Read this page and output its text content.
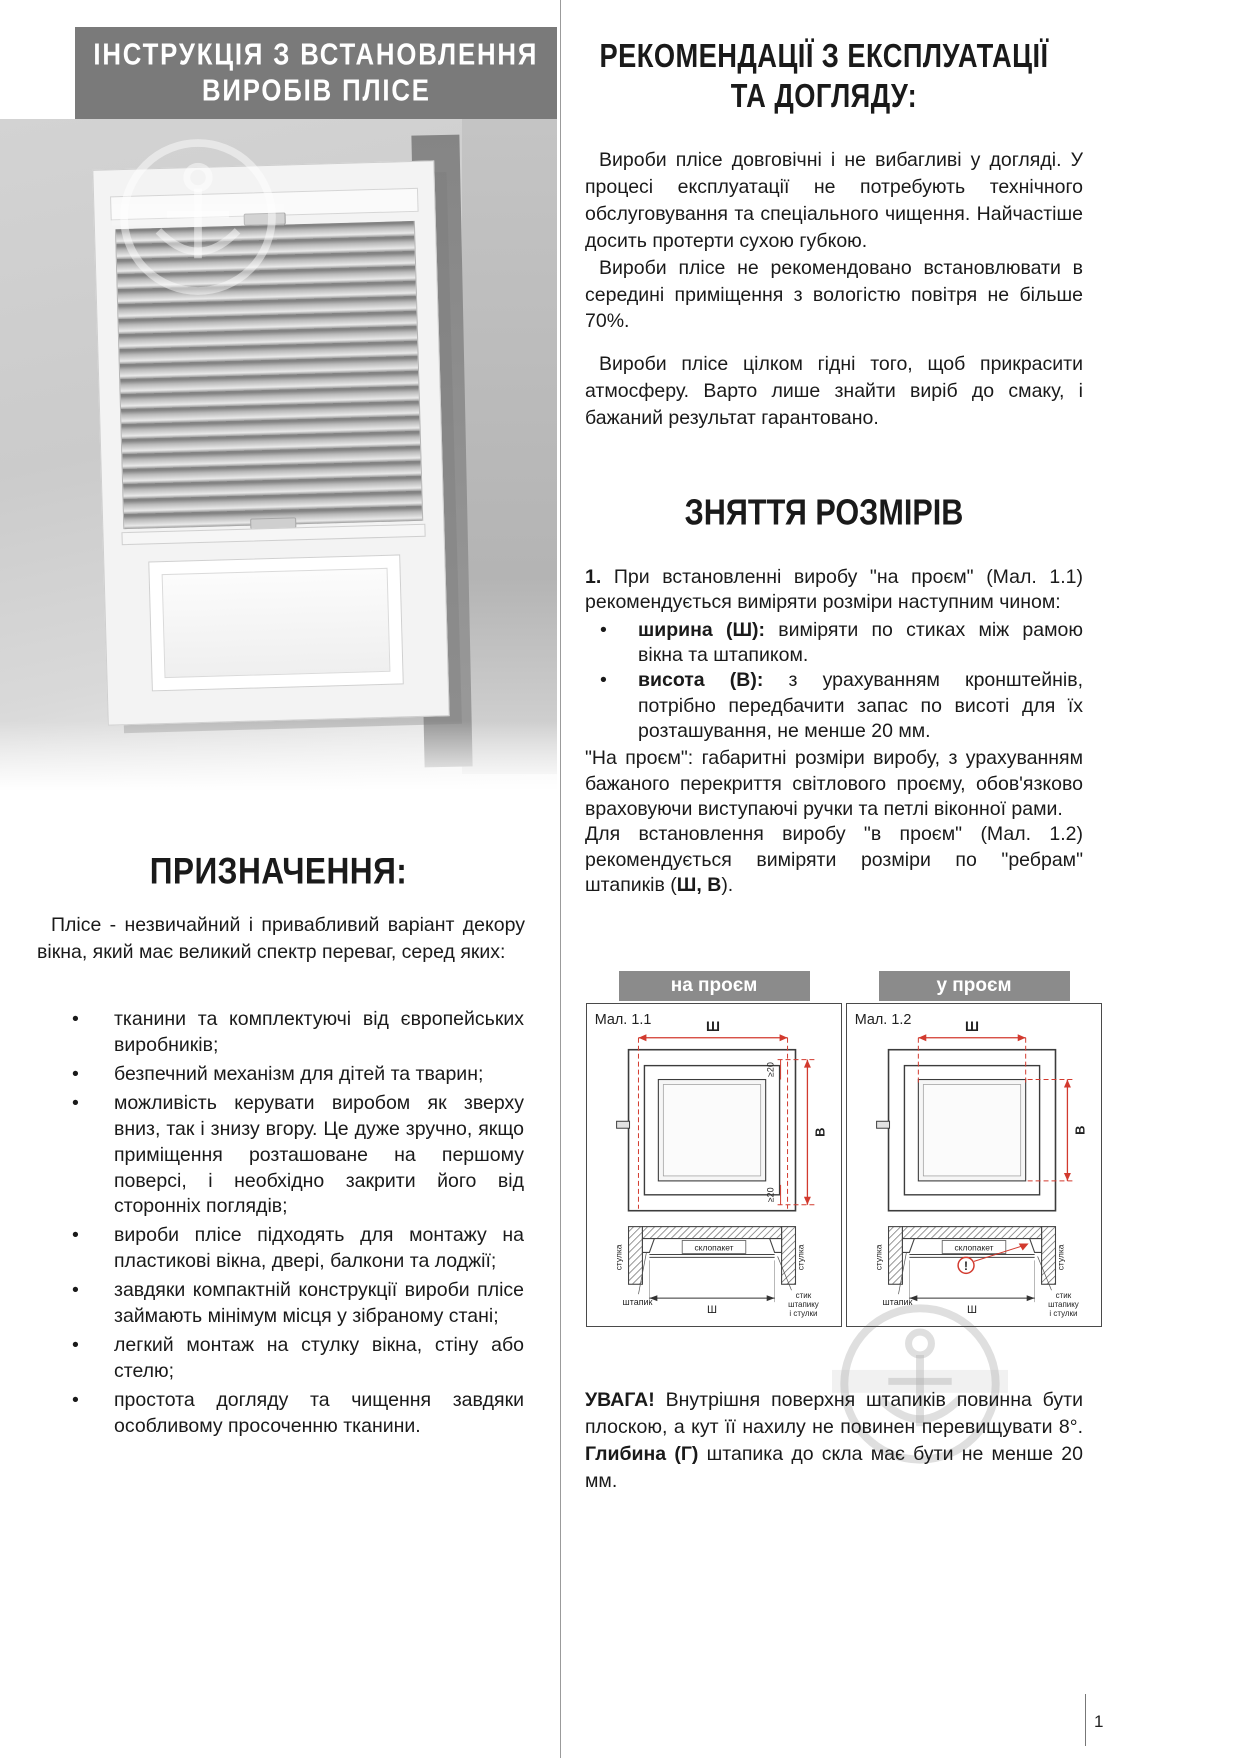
ІНСТРУКЦІЯ З ВСТАНОВЛЕННЯ
ВИРОБІВ ПЛІСЕ
ПРИЗНАЧЕННЯ:

Плісе - незвичайний і привабливий варіант декору вікна, який має великий спектр переваг, серед яких:

•	тканини та комплектуючі від європейських виробників;
•	безпечний механізм для дітей та тварин;
•	можливість керувати виробом як зверху вниз, так і знизу вгору. Це дуже зручно, якщо приміщення розташоване на першому поверсі, і необхідно закрити його від сторонніх поглядів;
•	вироби плісе підходять для монтажу на пластикові вікна, двері, балкони та лоджії;
•	завдяки компактній конструкції вироби плісе займають мінімум місця у зібраному стані;
•	легкий монтаж на стулку вікна, стіну або стелю;
•	простота догляду та чищення завдяки особливому просоченню тканини.
РЕКОМЕНДАЦІЇ З ЕКСПЛУАТАЦІЇ
ТА ДОГЛЯДУ:

Вироби плісе довговічні і не вибагливі у догляді. У процесі експлуатації не потребують технічного обслуговування та спеціального чищення. Найчастіше досить протерти сухою губкою.

Вироби плісе не рекомендовано встановлювати в середині приміщення з вологістю повітря не більше 70%.

Вироби плісе цілком гідні того, щоб прикрасити атмосферу. Варто лише знайти виріб до смаку, і бажаний результат гарантовано.

ЗНЯТТЯ РОЗМІРІВ

1. При встановленні виробу "на проєм" (Мал. 1.1) рекомендується виміряти розміри наступним чином:

•	ширина (Ш): виміряти по стиках між рамою вікна та штапиком.
•	висота (В): з урахуванням кронштейнів, потрібно передбачити запас по висоті для їх розташування, не менше 20 мм.

"На проєм": габаритні розміри виробу, з урахуванням бажаного перекриття світлового проєму, обов'язково враховуючи виступаючі ручки та петлі віконної рами.

Для встановлення виробу "в проєм" (Мал. 1.2) рекомендується виміряти розміри по "ребрам" штапиків (Ш, В).

на проєм
Мал. 1.1	Ш
В
≥20
≥20
склопакет
стулка	стулка
штапик
Ш
стик
штапику
і стулки
у проєм
Мал. 1.2	Ш
В
склопакет
стулка	стулка
!
штапик
Ш
стик
штапику
і стулки

УВАГА! Внутрішня поверхня штапиків повинна бути плоскою, а кут її нахилу не повинен перевищувати 8°. Глибина (Г) штапика до скла має бути не менше 20 мм.

1
